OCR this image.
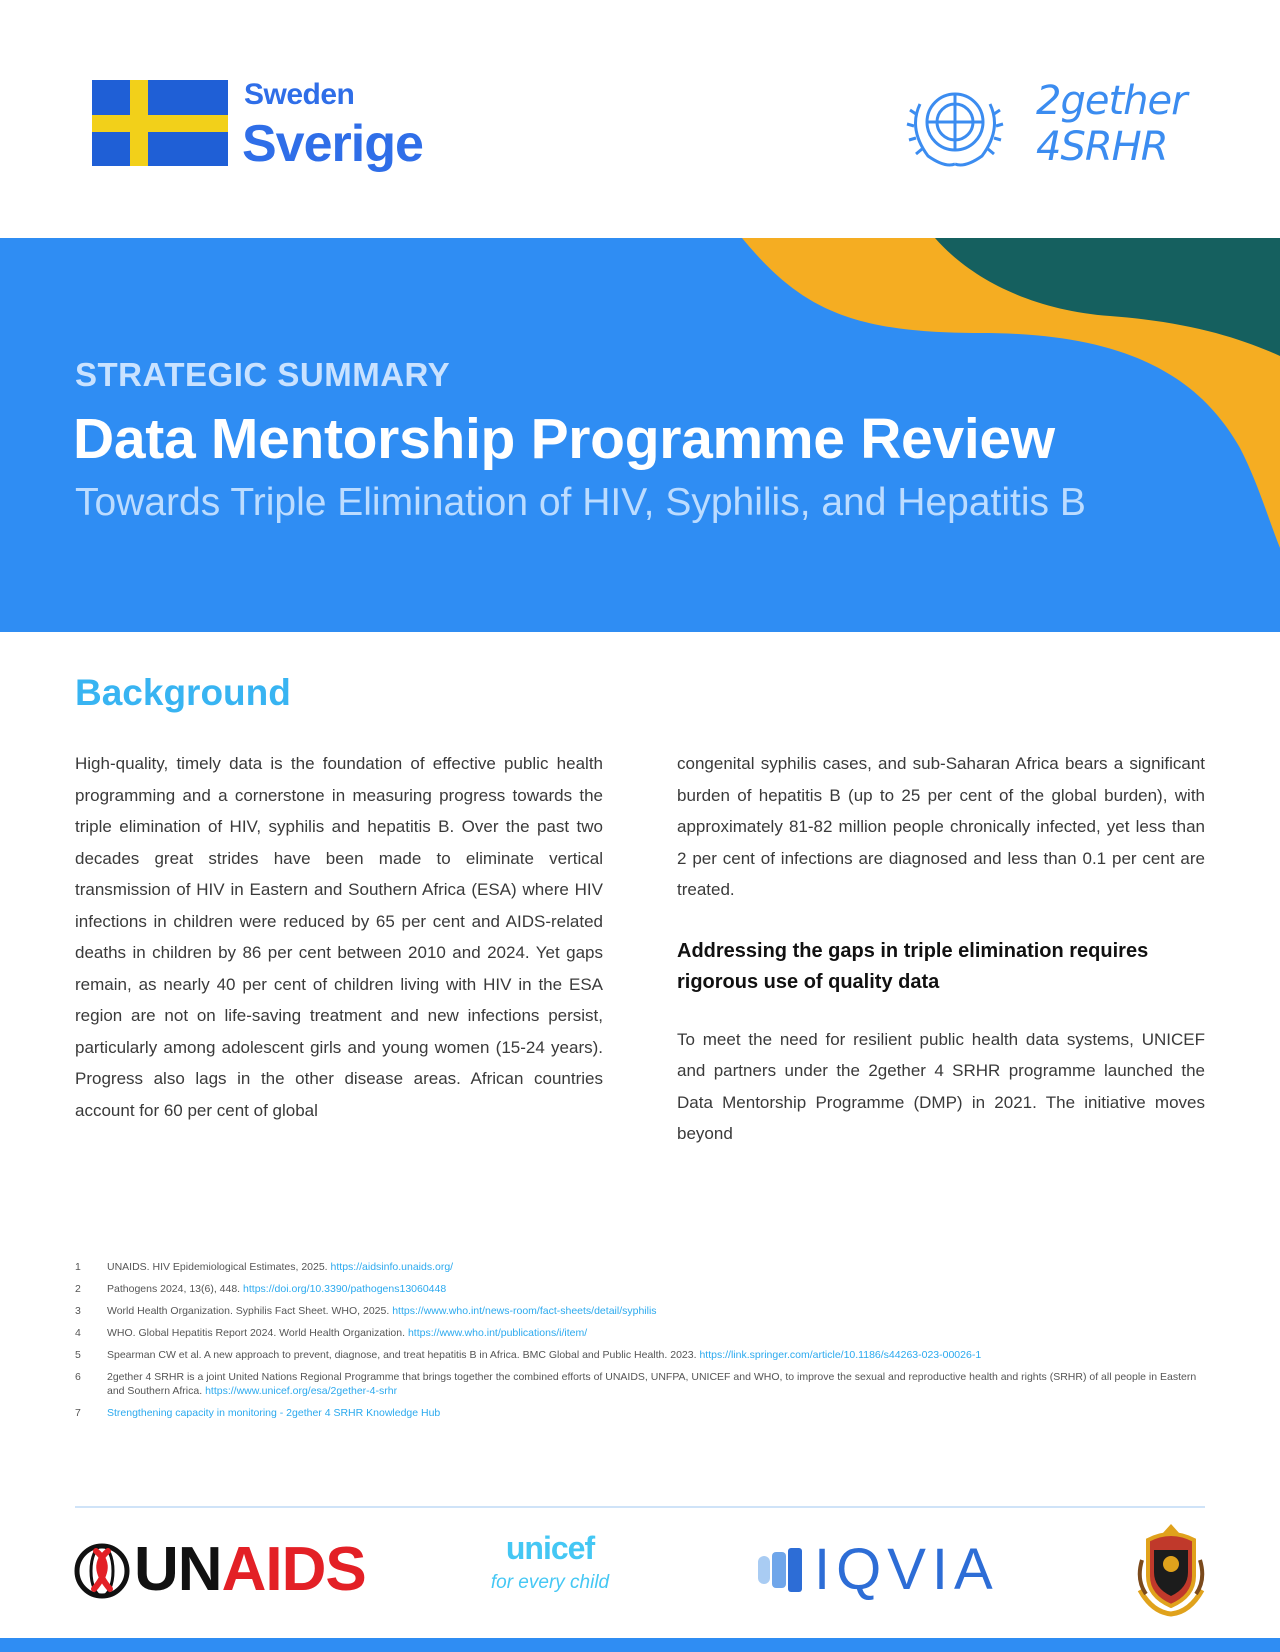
Sweden
Sverige
2gether
4SRHR
STRATEGIC SUMMARY
Data Mentorship Programme Review
Towards Triple Elimination of HIV, Syphilis, and Hepatitis B
Background

High-quality, timely data is the foundation of effective public health programming and a cornerstone in measuring progress towards the triple elimination of HIV, syphilis and hepatitis B. Over the past two decades great strides have been made to eliminate vertical transmission of HIV in Eastern and Southern Africa (ESA) where HIV infections in children were reduced by 65 per cent and AIDS-related deaths in children by 86 per cent between 2010 and 2024. Yet gaps remain, as nearly 40 per cent of children living with HIV in the ESA region are not on life-saving treatment and new infections persist, particularly among adolescent girls and young women (15-24 years). Progress also lags in the other disease areas. African countries account for 60 per cent of global

congenital syphilis cases, and sub-Saharan Africa bears a significant burden of hepatitis B (up to 25 per cent of the global burden), with approximately 81-82 million people chronically infected, yet less than 2 per cent of infections are diagnosed and less than 0.1 per cent are treated.

Addressing the gaps in triple elimination requires rigorous use of quality data

To meet the need for resilient public health data systems, UNICEF and partners under the 2gether 4 SRHR programme launched the Data Mentorship Programme (DMP) in 2021. The initiative moves beyond

1 UNAIDS. HIV Epidemiological Estimates, 2025. https://aidsinfo.unaids.org/
2 Pathogens 2024, 13(6), 448. https://doi.org/10.3390/pathogens13060448
3 World Health Organization. Syphilis Fact Sheet. WHO, 2025. https://www.who.int/news-room/fact-sheets/detail/syphilis
4 WHO. Global Hepatitis Report 2024. World Health Organization. https://www.who.int/publications/i/item/
5 Spearman CW et al. A new approach to prevent, diagnose, and treat hepatitis B in Africa. BMC Global and Public Health. 2023. https://link.springer.com/article/10.1186/s44263-023-00026-1
6 2gether 4 SRHR is a joint United Nations Regional Programme that brings together the combined efforts of UNAIDS, UNFPA, UNICEF and WHO, to improve the sexual and reproductive health and rights (SRHR) of all people in Eastern and Southern Africa. https://www.unicef.org/esa/2gether-4-srhr
7 Strengthening capacity in monitoring - 2gether 4 SRHR Knowledge Hub
UNAIDS	unicef
for every child	IQVIA
